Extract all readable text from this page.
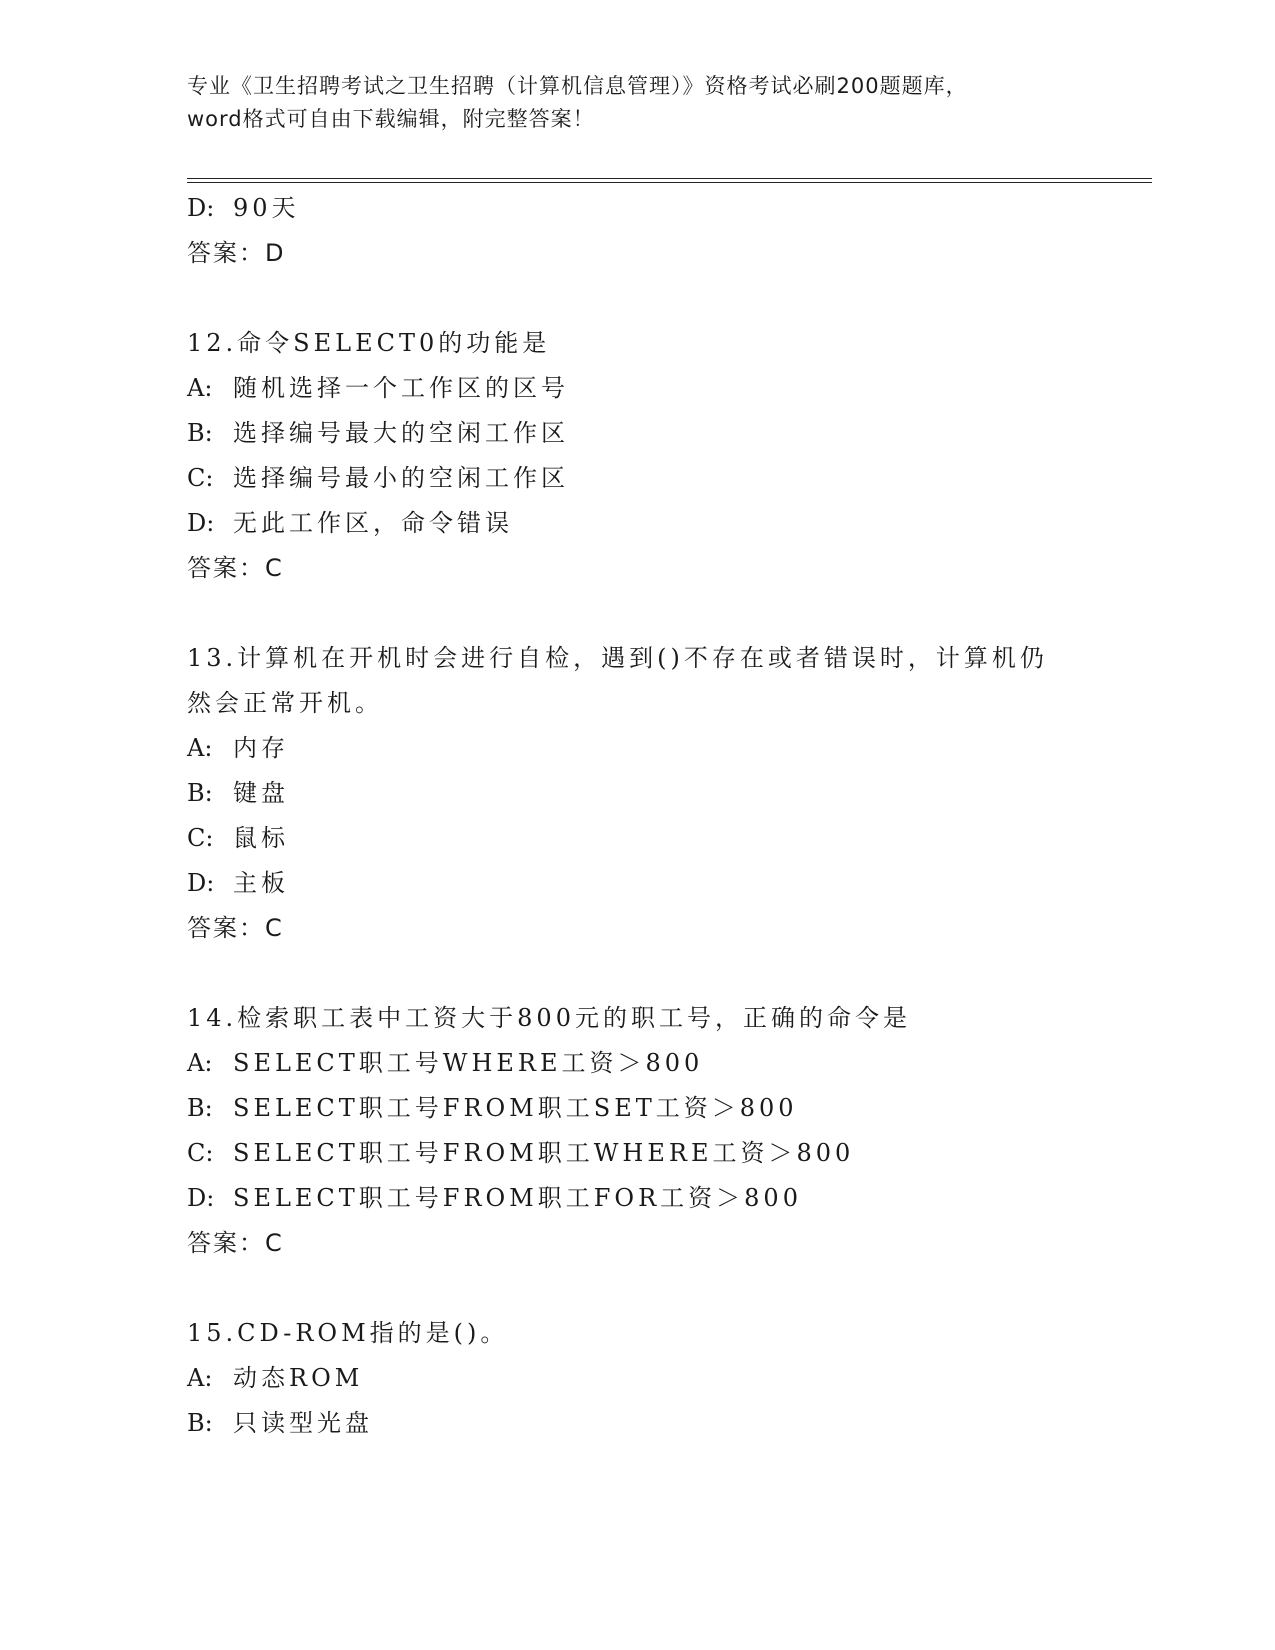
专业《卫生招聘考试之卫生招聘（计算机信息管理）》资格考试必刷200题题库，
word格式可自由下载编辑，附完整答案！
D: 90天
答案：D
12.命令SELECT0的功能是
A: 随机选择一个工作区的区号
B: 选择编号最大的空闲工作区
C: 选择编号最小的空闲工作区
D: 无此工作区，命令错误
答案：C
13.计算机在开机时会进行自检，遇到()不存在或者错误时，计算机仍
然会正常开机。
A: 内存
B: 键盘
C: 鼠标
D: 主板
答案：C
14.检索职工表中工资大于800元的职工号，正确的命令是
A: SELECT职工号WHERE工资＞800
B: SELECT职工号FROM职工SET工资＞800
C: SELECT职工号FROM职工WHERE工资＞800
D: SELECT职工号FROM职工FOR工资＞800
答案：C
15.CD-ROM指的是()。
A: 动态ROM
B: 只读型光盘
